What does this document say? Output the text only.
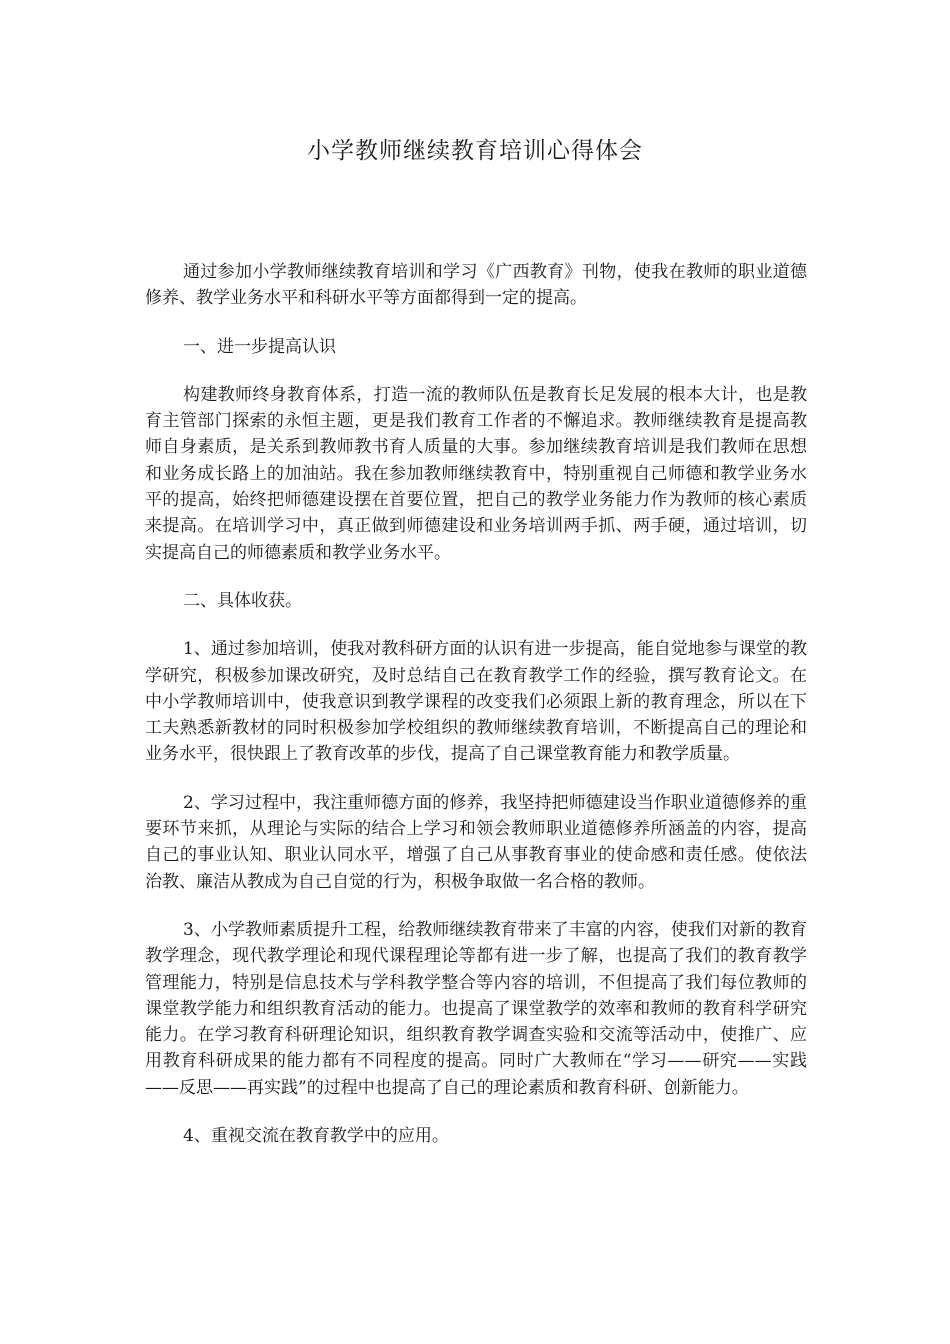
小学教师继续教育培训心得体会

通过参加小学教师继续教育培训和学习《广西教育》刊物，使我在教师的职业道德修养、教学业务水平和科研水平等方面都得到一定的提高。

一、进一步提高认识

构建教师终身教育体系，打造一流的教师队伍是教育长足发展的根本大计，也是教育主管部门探索的永恒主题，更是我们教育工作者的不懈追求。教师继续教育是提高教师自身素质，是关系到教师教书育人质量的大事。参加继续教育培训是我们教师在思想和业务成长路上的加油站。我在参加教师继续教育中，特别重视自己师德和教学业务水平的提高，始终把师德建设摆在首要位置，把自己的教学业务能力作为教师的核心素质来提高。在培训学习中，真正做到师德建设和业务培训两手抓、两手硬，通过培训，切实提高自己的师德素质和教学业务水平。

二、具体收获。

1、通过参加培训，使我对教科研方面的认识有进一步提高，能自觉地参与课堂的教学研究，积极参加课改研究，及时总结自己在教育教学工作的经验，撰写教育论文。在中小学教师培训中，使我意识到教学课程的改变我们必须跟上新的教育理念，所以在下工夫熟悉新教材的同时积极参加学校组织的教师继续教育培训，不断提高自己的理论和业务水平，很快跟上了教育改革的步伐，提高了自己课堂教育能力和教学质量。

2、学习过程中，我注重师德方面的修养，我坚持把师德建设当作职业道德修养的重要环节来抓，从理论与实际的结合上学习和领会教师职业道德修养所涵盖的内容，提高自己的事业认知、职业认同水平，增强了自己从事教育事业的使命感和责任感。使依法治教、廉洁从教成为自己自觉的行为，积极争取做一名合格的教师。

3、小学教师素质提升工程，给教师继续教育带来了丰富的内容，使我们对新的教育教学理念，现代教学理论和现代课程理论等都有进一步了解，也提高了我们的教育教学管理能力，特别是信息技术与学科教学整合等内容的培训，不但提高了我们每位教师的课堂教学能力和组织教育活动的能力。也提高了课堂教学的效率和教师的教育科学研究能力。在学习教育科研理论知识，组织教育教学调查实验和交流等活动中，使推广、应用教育科研成果的能力都有不同程度的提高。同时广大教师在“学习——研究——实践——反思——再实践”的过程中也提高了自己的理论素质和教育科研、创新能力。

4、重视交流在教育教学中的应用。
